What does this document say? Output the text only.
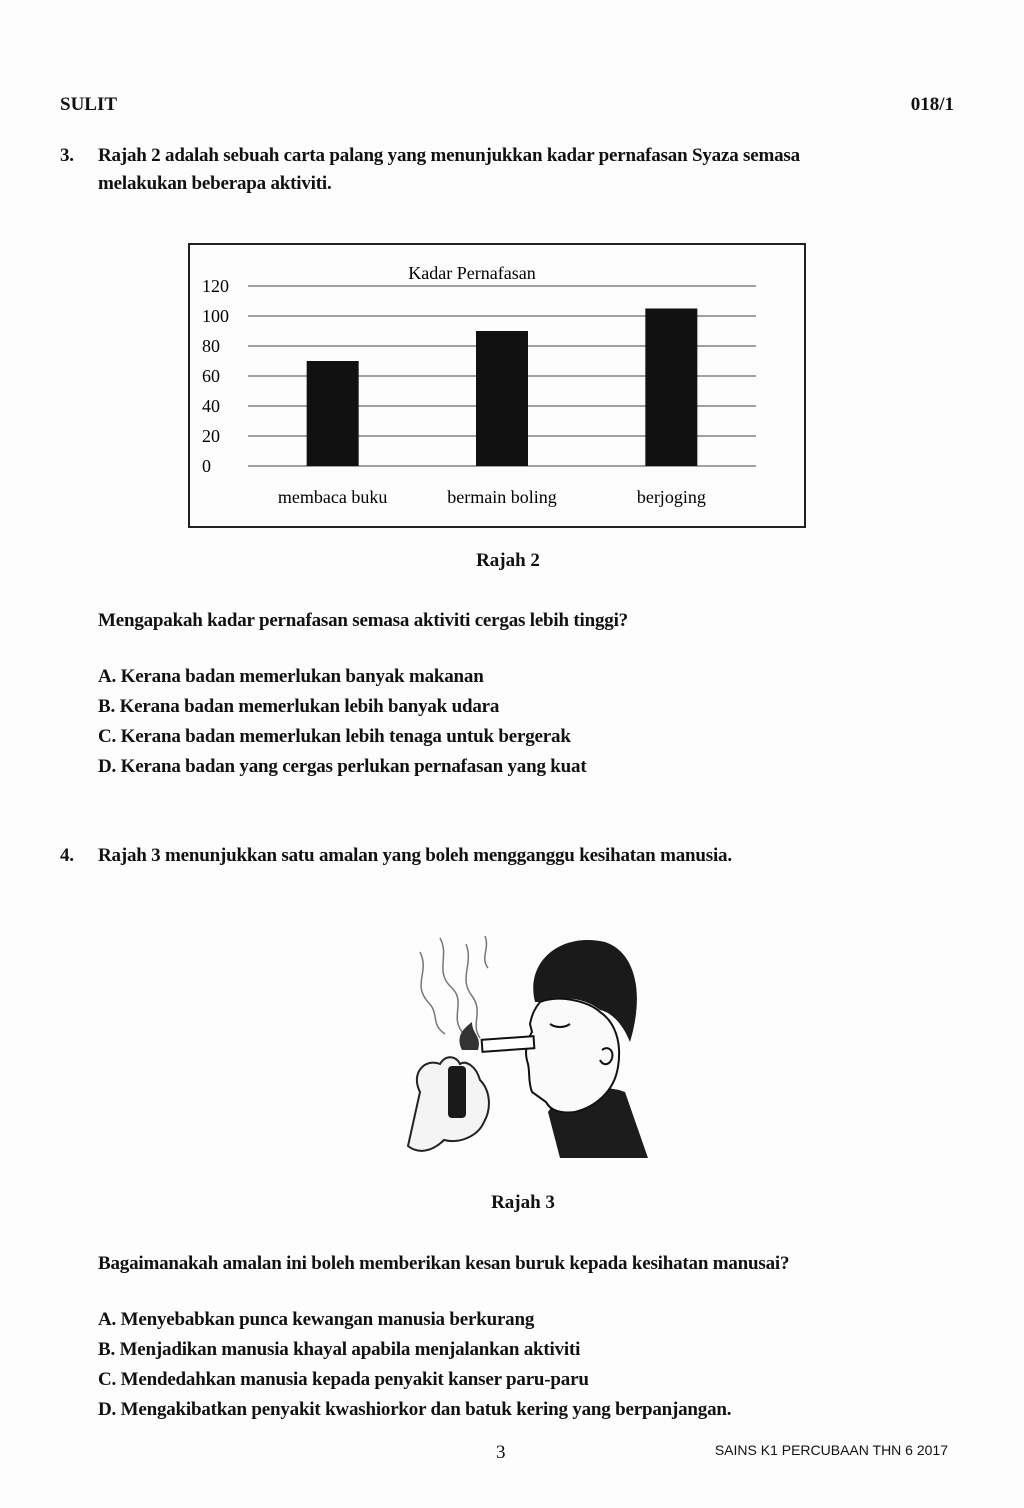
SULIT	018/1
3. Rajah 2 adalah sebuah carta palang yang menunjukkan kadar pernafasan Syaza semasa
melakukan beberapa aktiviti.
Kadar Pernafasan
0
20
40
60
80
100
120
membaca buku	bermain boling	berjoging
Rajah 2
Mengapakah kadar pernafasan semasa aktiviti cergas lebih tinggi?
A. Kerana badan memerlukan banyak makanan
B. Kerana badan memerlukan lebih banyak udara
C. Kerana badan memerlukan lebih tenaga untuk bergerak
D. Kerana badan yang cergas perlukan pernafasan yang kuat
4. Rajah 3 menunjukkan satu amalan yang boleh mengganggu kesihatan manusia.
Rajah 3
Bagaimanakah amalan ini boleh memberikan kesan buruk kepada kesihatan manusai?
A. Menyebabkan punca kewangan manusia berkurang
B. Menjadikan manusia khayal apabila menjalankan aktiviti
C. Mendedahkan manusia kepada penyakit kanser paru-paru
D. Mengakibatkan penyakit kwashiorkor dan batuk kering yang berpanjangan.
3	SAINS K1 PERCUBAAN THN 6 2017
